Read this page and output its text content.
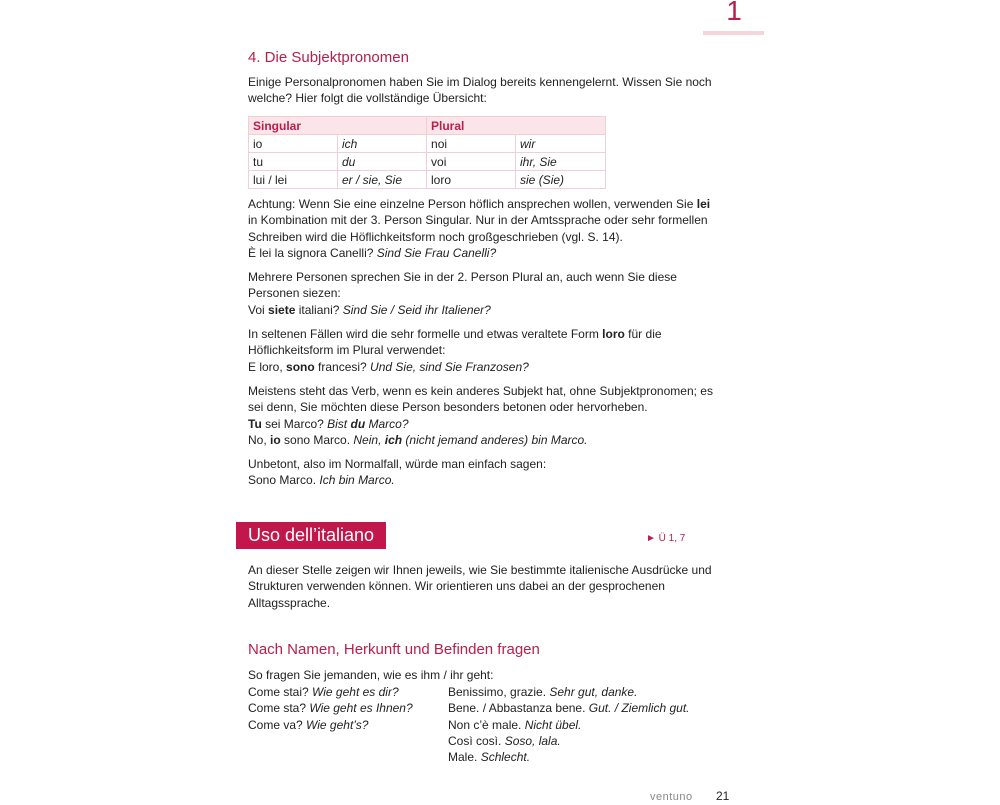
1
4. Die Subjektpronomen

Einige Personalpronomen haben Sie im Dialog bereits kennengelernt. Wissen Sie noch welche? Hier folgt die vollständige Übersicht:

Singular		Plural	
io	ich	noi	wir
tu	du	voi	ihr, Sie
lui / lei	er / sie, Sie	loro	sie (Sie)

Achtung: Wenn Sie eine einzelne Person höflich ansprechen wollen, verwenden Sie lei in Kombination mit der 3. Person Singular. Nur in der Amtssprache oder sehr formellen Schreiben wird die Höflichkeitsform noch großgeschrieben (vgl. S. 14).
È lei la signora Canelli? Sind Sie Frau Canelli?

Mehrere Personen sprechen Sie in der 2. Person Plural an, auch wenn Sie diese Personen siezen:
Voi siete italiani? Sind Sie / Seid ihr Italiener?

In seltenen Fällen wird die sehr formelle und etwas veraltete Form loro für die Höflichkeitsform im Plural verwendet:
E loro, sono francesi? Und Sie, sind Sie Franzosen?

Meistens steht das Verb, wenn es kein anderes Subjekt hat, ohne Subjektpronomen; es sei denn, Sie möchten diese Person besonders betonen oder hervorheben.
Tu sei Marco? Bist du Marco?
No, io sono Marco. Nein, ich (nicht jemand anderes) bin Marco.

Unbetont, also im Normalfall, würde man einfach sagen:
Sono Marco. Ich bin Marco.

Uso dell’italiano	► Ü 1, 7

An dieser Stelle zeigen wir Ihnen jeweils, wie Sie bestimmte italienische Ausdrücke und Strukturen verwenden können. Wir orientieren uns dabei an der gesprochenen Alltagssprache.

Nach Namen, Herkunft und Befinden fragen

So fragen Sie jemanden, wie es ihm / ihr geht:

Come stai? Wie geht es dir?
Come sta? Wie geht es Ihnen?
Come va? Wie geht’s?
Benissimo, grazie. Sehr gut, danke.
Bene. / Abbastanza bene. Gut. / Ziemlich gut.
Non c’è male. Nicht übel.
Così così. Soso, lala.
Male. Schlecht.
ventuno 21
